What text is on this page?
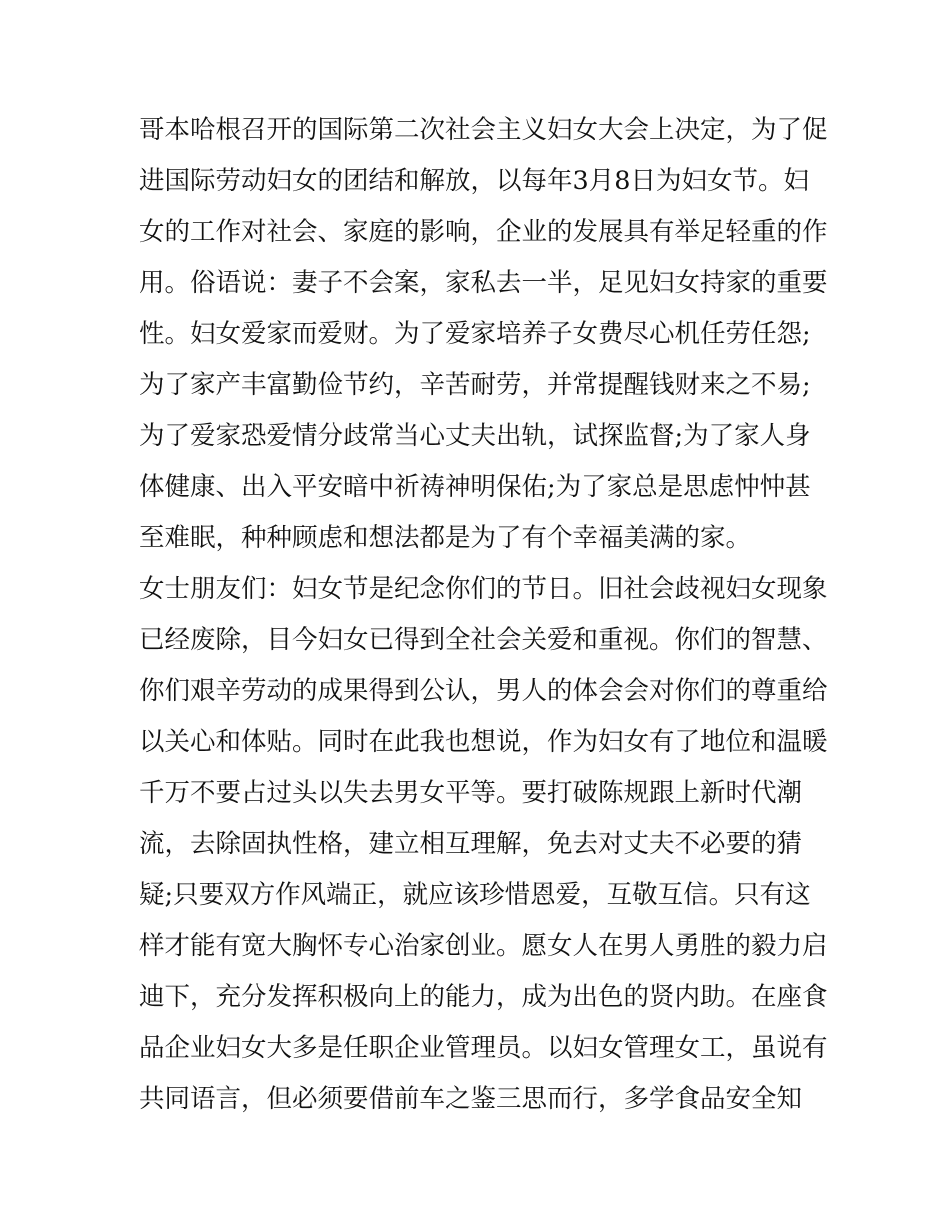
哥本哈根召开的国际第二次社会主义妇女大会上决定，为了促
进国际劳动妇女的团结和解放，以每年3月8日为妇女节。妇
女的工作对社会、家庭的影响，企业的发展具有举足轻重的作
用。俗语说：妻子不会案，家私去一半，足见妇女持家的重要
性。妇女爱家而爱财。为了爱家培养子女费尽心机任劳任怨;
为了家产丰富勤俭节约，辛苦耐劳，并常提醒钱财来之不易;
为了爱家恐爱情分歧常当心丈夫出轨，试探监督;为了家人身
体健康、出入平安暗中祈祷神明保佑;为了家总是思虑忡忡甚
至难眠，种种顾虑和想法都是为了有个幸福美满的家。
女士朋友们：妇女节是纪念你们的节日。旧社会歧视妇女现象
已经废除，目今妇女已得到全社会关爱和重视。你们的智慧、
你们艰辛劳动的成果得到公认，男人的体会会对你们的尊重给
以关心和体贴。同时在此我也想说，作为妇女有了地位和温暖
千万不要占过头以失去男女平等。要打破陈规跟上新时代潮
流，去除固执性格，建立相互理解，免去对丈夫不必要的猜
疑;只要双方作风端正，就应该珍惜恩爱，互敬互信。只有这
样才能有宽大胸怀专心治家创业。愿女人在男人勇胜的毅力启
迪下，充分发挥积极向上的能力，成为出色的贤内助。在座食
品企业妇女大多是任职企业管理员。以妇女管理女工，虽说有
共同语言，但必须要借前车之鉴三思而行，多学食品安全知
